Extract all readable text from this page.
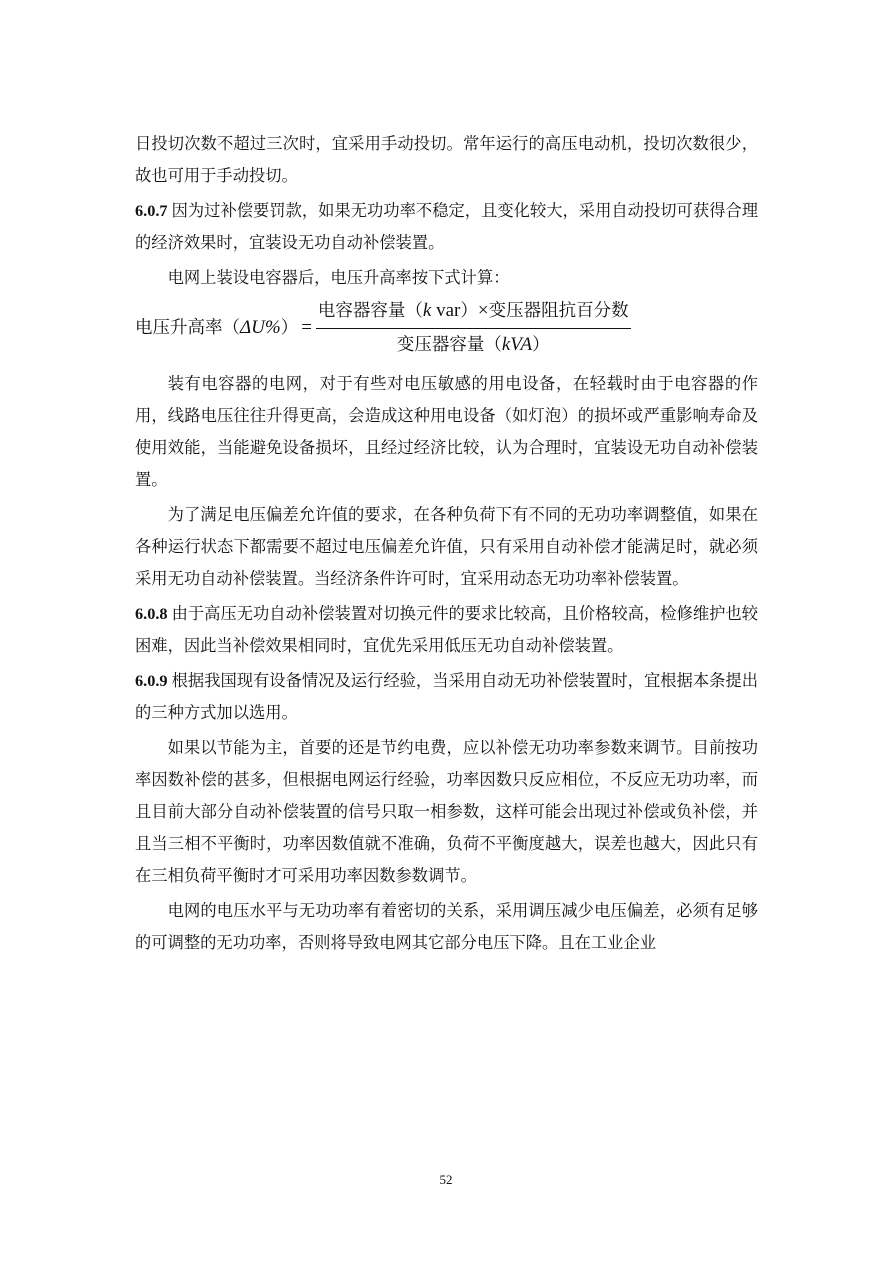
日投切次数不超过三次时，宜采用手动投切。常年运行的高压电动机，投切次数很少，故也可用于手动投切。

6.0.7 因为过补偿要罚款，如果无功功率不稳定，且变化较大，采用自动投切可获得合理的经济效果时，宜装设无功自动补偿装置。

电网上装设电容器后，电压升高率按下式计算：

电压升高率$(\Delta U\%) = \frac{\text{电容器容量（k var）×变压器阻抗百分数}}{\text{变压器容量（kVA）}}$

装有电容器的电网，对于有些对电压敏感的用电设备，在轻载时由于电容器的作用，线路电压往往升得更高，会造成这种用电设备（如灯泡）的损坏或严重影响寿命及使用效能，当能避免设备损坏，且经过经济比较，认为合理时，宜装设无功自动补偿装置。

为了满足电压偏差允许值的要求，在各种负荷下有不同的无功功率调整值，如果在各种运行状态下都需要不超过电压偏差允许值，只有采用自动补偿才能满足时，就必须采用无功自动补偿装置。当经济条件许可时，宜采用动态无功功率补偿装置。

6.0.8 由于高压无功自动补偿装置对切换元件的要求比较高，且价格较高，检修维护也较困难，因此当补偿效果相同时，宜优先采用低压无功自动补偿装置。

6.0.9 根据我国现有设备情况及运行经验，当采用自动无功补偿装置时，宜根据本条提出的三种方式加以选用。

如果以节能为主，首要的还是节约电费，应以补偿无功功率参数来调节。目前按功率因数补偿的甚多，但根据电网运行经验，功率因数只反应相位，不反应无功功率，而且目前大部分自动补偿装置的信号只取一相参数，这样可能会出现过补偿或负补偿，并且当三相不平衡时，功率因数值就不准确，负荷不平衡度越大，误差也越大，因此只有在三相负荷平衡时才可采用功率因数参数调节。

电网的电压水平与无功功率有着密切的关系，采用调压减少电压偏差，必须有足够的可调整的无功功率，否则将导致电网其它部分电压下降。且在工业企业

52
